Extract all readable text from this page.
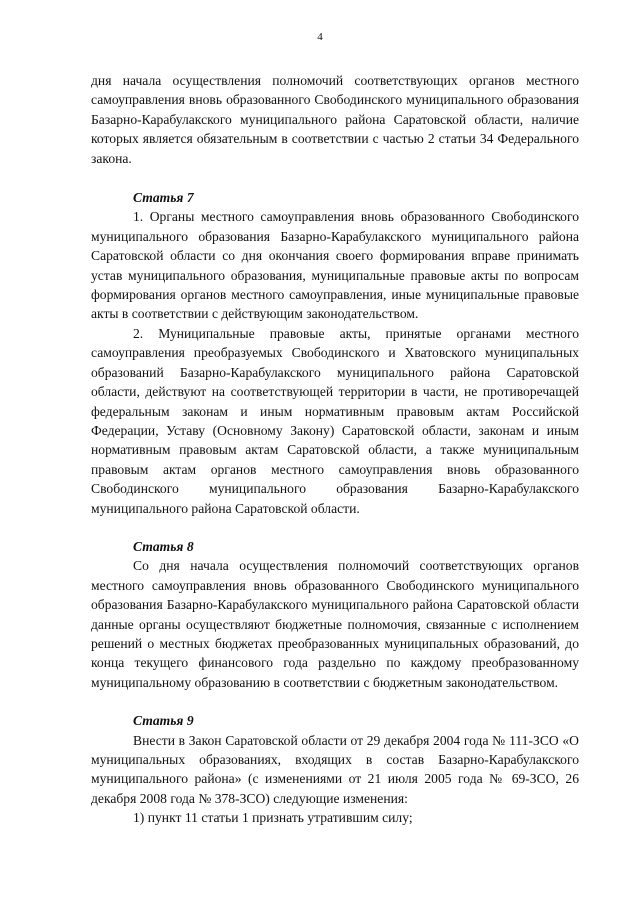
4

дня начала осуществления полномочий соответствующих органов местного самоуправления вновь образованного Свободинского муниципального образования Базарно-Карабулакского муниципального района Саратовской области, наличие которых является обязательным в соответствии с частью 2 статьи 34 Федерального закона.

Статья 7

1. Органы местного самоуправления вновь образованного Свободинского муниципального образования Базарно-Карабулакского муниципального района Саратовской области со дня окончания своего формирования вправе принимать устав муниципального образования, муниципальные правовые акты по вопросам формирования органов местного самоуправления, иные муниципальные правовые акты в соответствии с действующим законодательством.

2. Муниципальные правовые акты, принятые органами местного самоуправления преобразуемых Свободинского и Хватовского муниципальных образований Базарно-Карабулакского муниципального района Саратовской области, действуют на соответствующей территории в части, не противоречащей федеральным законам и иным нормативным правовым актам Российской Федерации, Уставу (Основному Закону) Саратовской области, законам и иным нормативным правовым актам Саратовской области, а также муниципальным правовым актам органов местного самоуправления вновь образованного Свободинского муниципального образования Базарно-Карабулакского муниципального района Саратовской области.

Статья 8

Со дня начала осуществления полномочий соответствующих органов местного самоуправления вновь образованного Свободинского муниципального образования Базарно-Карабулакского муниципального района Саратовской области данные органы осуществляют бюджетные полномочия, связанные с исполнением решений о местных бюджетах преобразованных муниципальных образований, до конца текущего финансового года раздельно по каждому преобразованному муниципальному образованию в соответствии с бюджетным законодательством.

Статья 9

Внести в Закон Саратовской области от 29 декабря 2004 года № 111-ЗСО «О муниципальных образованиях, входящих в состав Базарно-Карабулакского муниципального района» (с изменениями от 21 июля 2005 года № 69-ЗСО, 26 декабря 2008 года № 378-ЗСО) следующие изменения:

1) пункт 11 статьи 1 признать утратившим силу;
